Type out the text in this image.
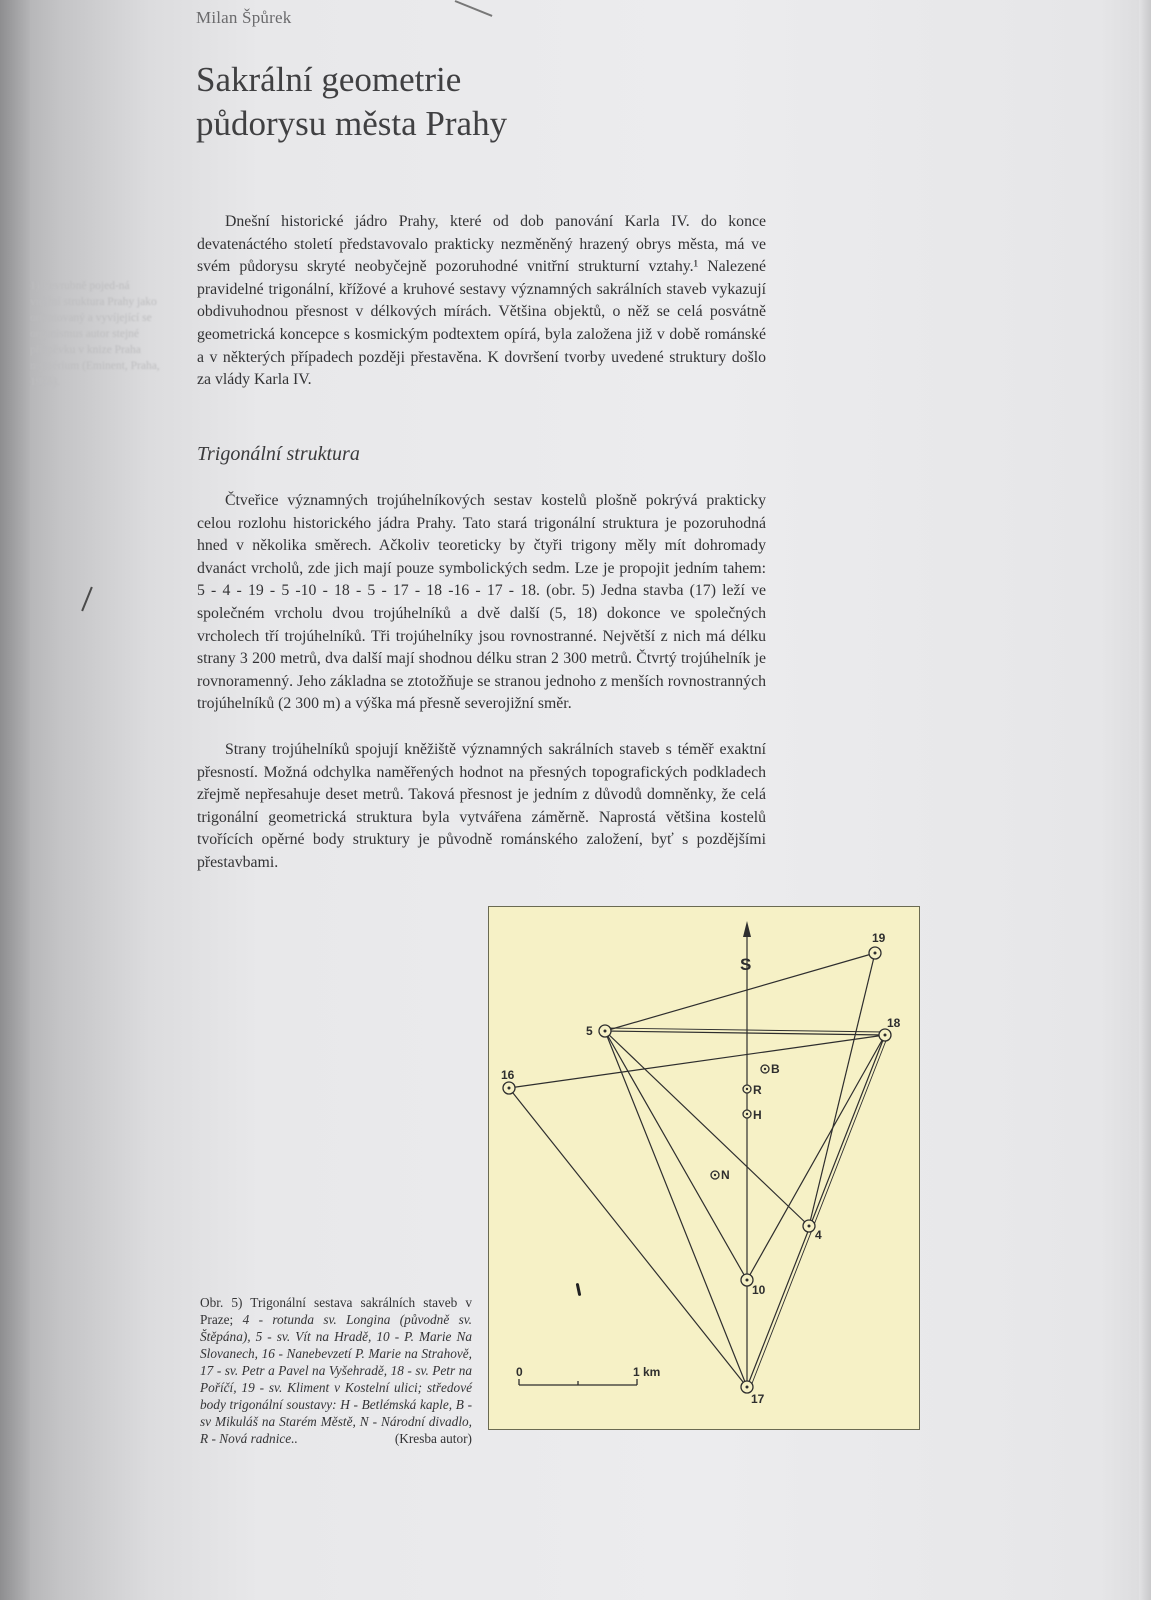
Milan Špůrek
Sakrální geometrie
půdorysu města Prahy
1) Zevrubně pojed-ná vnitřní struktura Prahy jako orientovaný a vyvíjející se organismus autor stejné příspěvku v knize Praha mystérium (Eminent, Praha, 1996).

Dnešní historické jádro Prahy, které od dob panování Karla IV. do konce devatenáctého století představovalo prakticky nezměněný hrazený obrys města, má ve svém půdorysu skryté neobyčejně pozoruhodné vnitřní strukturní vztahy.¹ Nalezené pravidelné trigonální, křížové a kruhové sestavy významných sakrálních staveb vykazují obdivuhodnou přesnost v délkových mírách. Většina objektů, o něž se celá posvátně geometrická koncepce s kosmickým podtextem opírá, byla založena již v době románské a v některých případech později přestavěna. K dovršení tvorby uvedené struktury došlo za vlády Karla IV.

Trigonální struktura

Čtveřice významných trojúhelníkových sestav kostelů plošně pokrývá prakticky celou rozlohu historického jádra Prahy. Tato stará trigonální struktura je pozoruhodná hned v několika směrech. Ačkoliv teoreticky by čtyři trigony měly mít dohromady dvanáct vrcholů, zde jich mají pouze symbolických sedm. Lze je propojit jedním tahem: 5 - 4 - 19 - 5 -10 - 18 - 5 - 17 - 18 -16 - 17 - 18. (obr. 5) Jedna stavba (17) leží ve společném vrcholu dvou trojúhelníků a dvě další (5, 18) dokonce ve společných vrcholech tří trojúhelníků. Tři trojúhelníky jsou rovnostranné. Největší z nich má délku strany 3 200 metrů, dva další mají shodnou délku stran 2 300 metrů. Čtvrtý trojúhelník je rovnoramenný. Jeho základna se ztotožňuje se stranou jednoho z menších rovnostranných trojúhelníků (2 300 m) a výška má přesně severojižní směr.

Strany trojúhelníků spojují kněžiště významných sakrálních staveb s téměř exaktní přesností. Možná odchylka naměřených hodnot na přesných topografických podkladech zřejmě nepřesahuje deset metrů. Taková přesnost je jedním z důvodů domněnky, že celá trigonální geometrická struktura byla vytvářena záměrně. Naprostá většina kostelů tvořících opěrné body struktury je původně románského založení, byť s pozdějšími přestavbami.

S
5
16
18
19
4
10
17
B
R
H
N
0	1 km
Obr. 5) Trigonální sestava sakrálních staveb v Praze; 4 - rotunda sv. Longina (původně sv. Štěpána), 5 - sv. Vít na Hradě, 10 - P. Marie Na Slovanech, 16 - Nanebevzetí P. Marie na Strahově, 17 - sv. Petr a Pavel na Vyšehradě, 18 - sv. Petr na Poříčí, 19 - sv. Kliment v Kostelní ulici; středové body trigonální soustavy: H - Betlémská kaple, B - sv Mikuláš na Starém Městě, N - Národní divadlo, R - Nová radnice..	(Kresba autor)
